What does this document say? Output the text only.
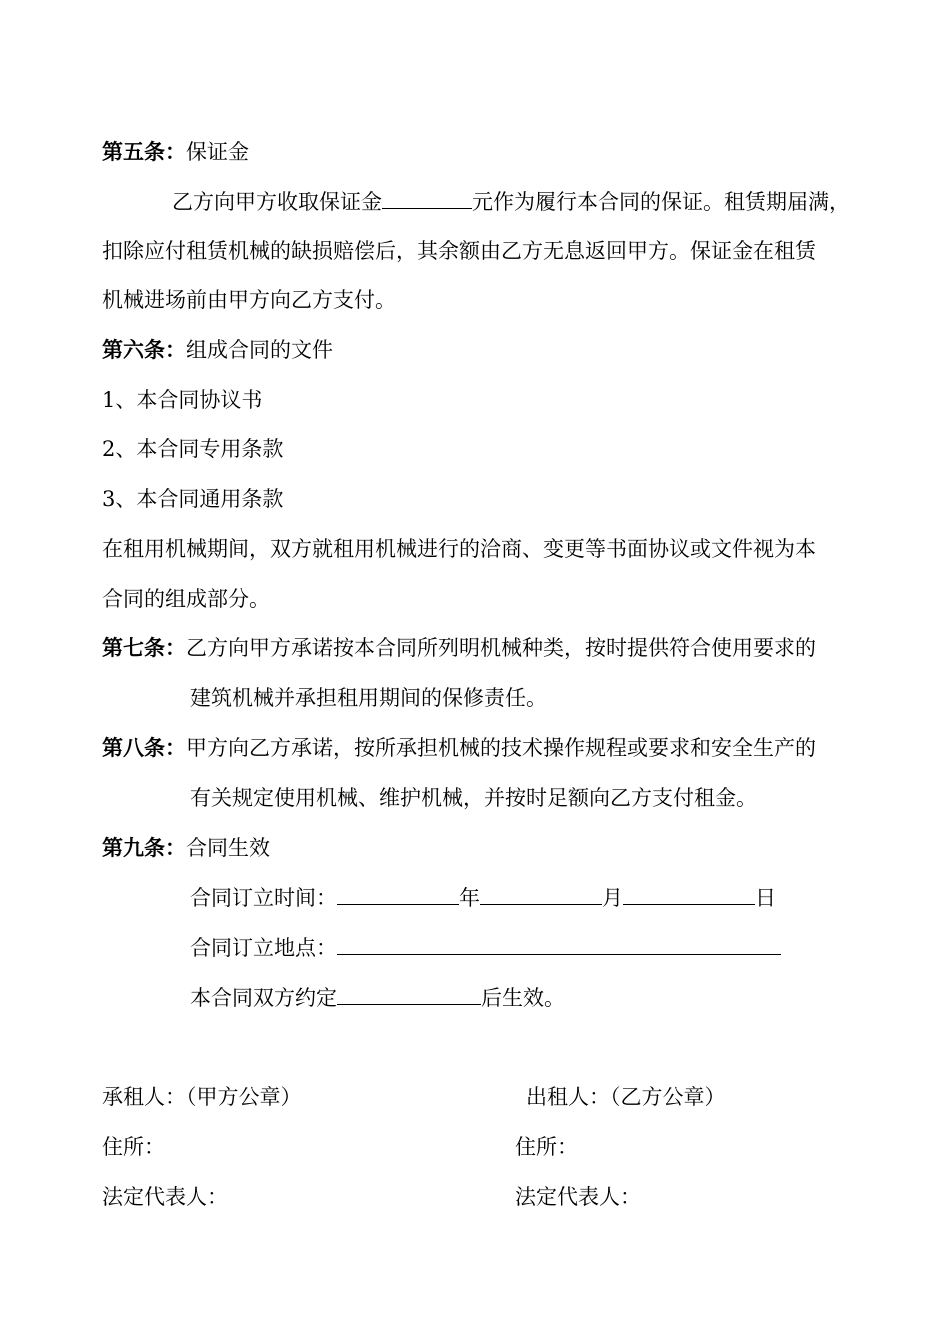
第五条：保证金
乙方向甲方收取保证金	元作为履行本合同的保证。租赁期届满，
扣除应付租赁机械的缺损赔偿后，其余额由乙方无息返回甲方。保证金在租赁
机械进场前由甲方向乙方支付。
第六条：组成合同的文件
1、本合同协议书
2、本合同专用条款
3、本合同通用条款
在租用机械期间，双方就租用机械进行的洽商、变更等书面协议或文件视为本
合同的组成部分。
第七条：乙方向甲方承诺按本合同所列明机械种类，按时提供符合使用要求的
建筑机械并承担租用期间的保修责任。
第八条：甲方向乙方承诺，按所承担机械的技术操作规程或要求和安全生产的
有关规定使用机械、维护机械，并按时足额向乙方支付租金。
第九条：合同生效
合同订立时间：	年	月	日
合同订立地点：
本合同双方约定	后生效。
承租人：（甲方公章）	出租人：（乙方公章）
住所：	住所：
法定代表人：	法定代表人：
